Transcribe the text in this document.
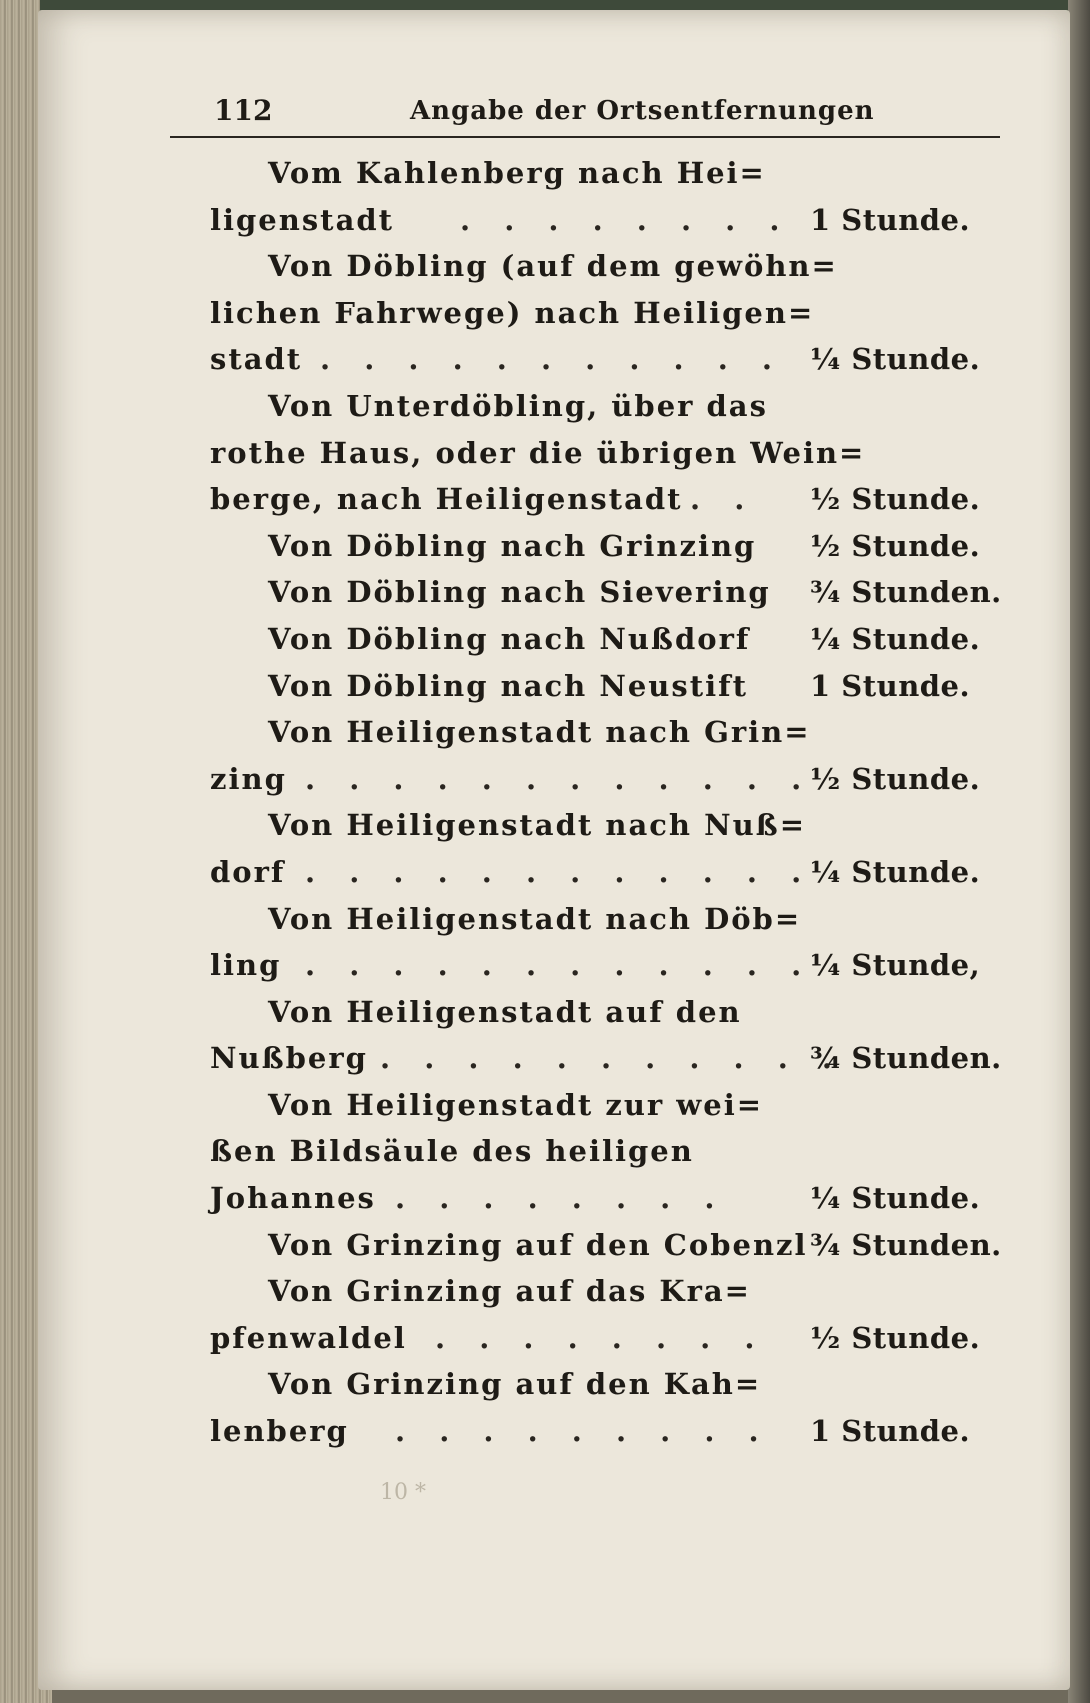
112	Angabe der Ortsentfernungen
Vom Kahlenberg nach Hei=
ligenstadt . . . . . . . . 1 Stunde.
Von Döbling (auf dem gewöhn=
lichen Fahrwege) nach Heiligen=
stadt . . . . . . . . . . . ¼ Stunde.
Von Unterdöbling, über das
rothe Haus, oder die übrigen Wein=
berge, nach Heiligenstadt . . ½ Stunde.
Von Döbling nach Grinzing ½ Stunde.
Von Döbling nach Sievering ¾ Stunden.
Von Döbling nach Nußdorf ¼ Stunde.
Von Döbling nach Neustift 1 Stunde.
Von Heiligenstadt nach Grin=
zing . . . . . . . . . . . .
½ Stunde.
Von Heiligenstadt nach Nuß=
dorf . . . . . . . . . . . .
¼ Stunde.
Von Heiligenstadt nach Döb=
ling . . . . . . . . . . . .
¼ Stunde,
Von Heiligenstadt auf den
Nußberg . . . . . . . . . . .
¾ Stunden.
Von Heiligenstadt zur wei=
ßen Bildsäule des heiligen
Johannes . . . . . . . .	¼ Stunde.
Von Grinzing auf den Cobenzl ¾ Stunden.
Von Grinzing auf das Kra=
pfenwaldel . . . . . . . . ½ Stunde.
Von Grinzing auf den Kah=
lenberg . . . . . . . . . 1 Stunde.
10 *
